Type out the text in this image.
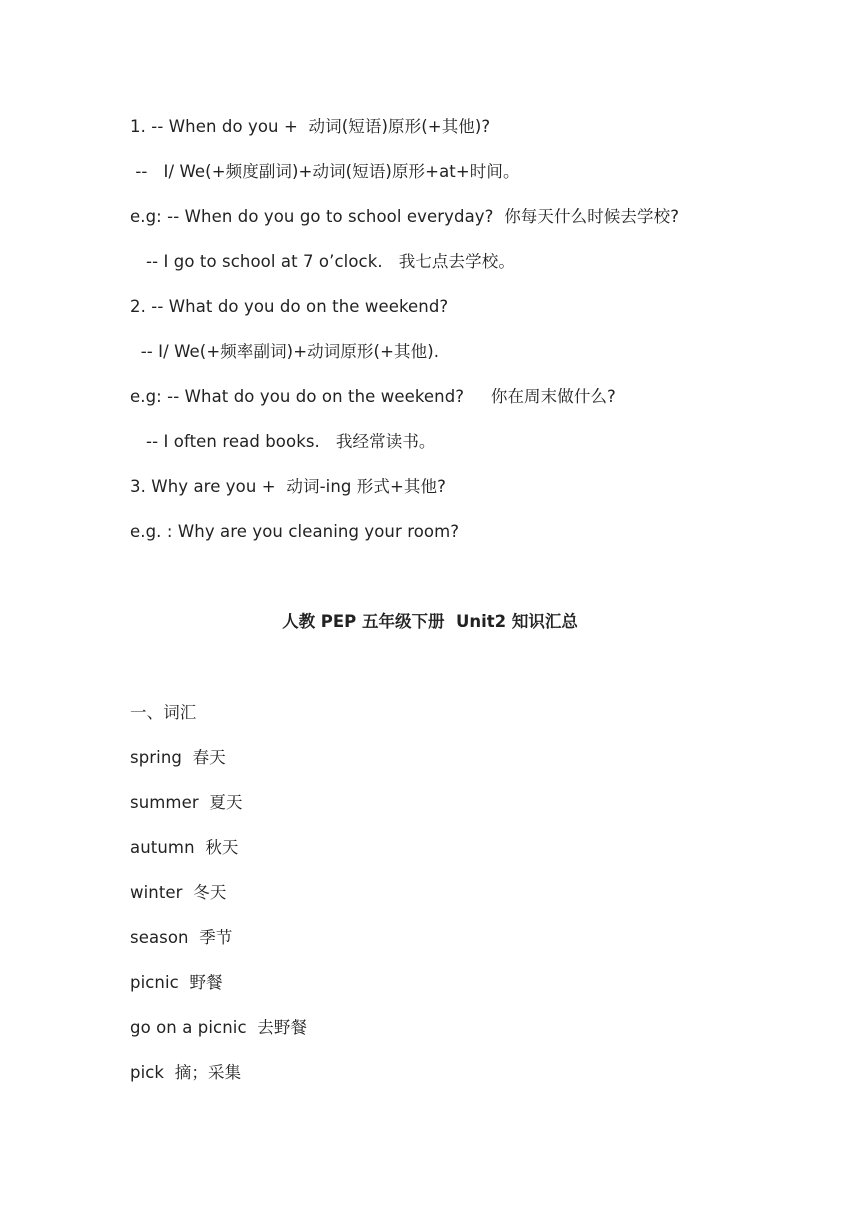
1. -- When do you +  动词(短语)原形(+其他)?
--   I/ We(+频度副词)+动词(短语)原形+at+时间。
e.g: -- When do you go to school everyday?  你每天什么时候去学校?
-- I go to school at 7 o’clock.   我七点去学校。
2. -- What do you do on the weekend?
-- I/ We(+频率副词)+动词原形(+其他).
e.g: -- What do you do on the weekend?     你在周末做什么?
-- I often read books.   我经常读书。
3. Why are you +  动词-ing 形式+其他?
e.g. : Why are you cleaning your room?
人教 PEP 五年级下册  Unit2 知识汇总
一、词汇
spring  春天
summer  夏天
autumn  秋天
winter  冬天
season  季节
picnic  野餐
go on a picnic  去野餐
pick  摘；采集
